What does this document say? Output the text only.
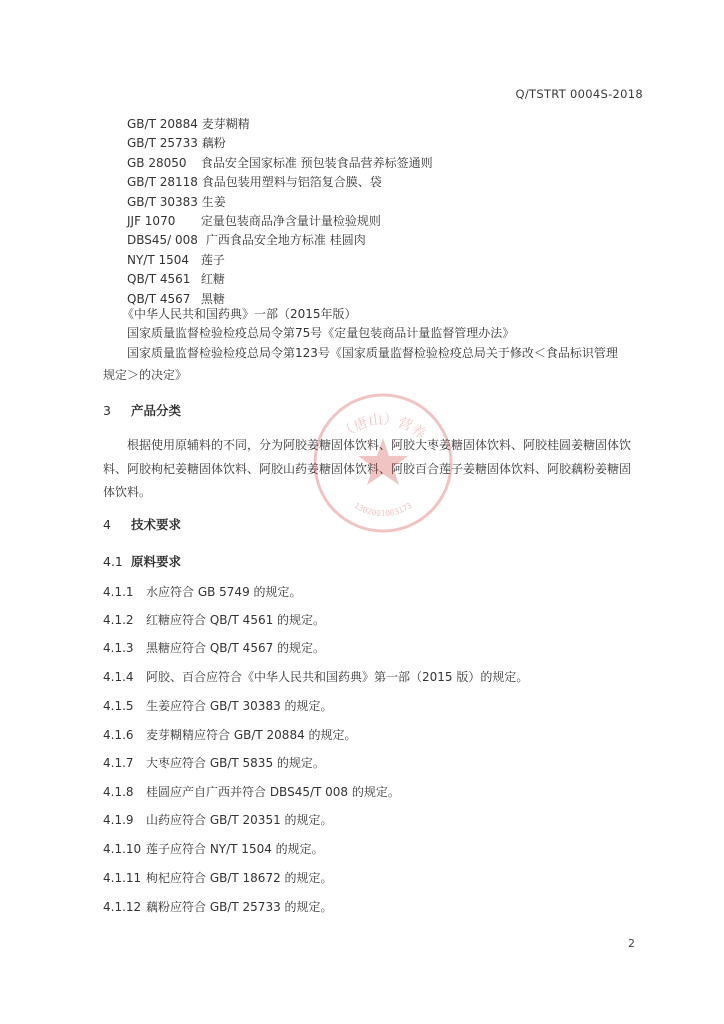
Q/TSTRT 0004S-2018
GB/T 20884 麦芽糊精
GB/T 25733 藕粉
GB 28050 食品安全国家标准 预包装食品营养标签通则
GB/T 28118 食品包装用塑料与铝箔复合膜、袋
GB/T 30383 生姜
JJF 1070 定量包装商品净含量计量检验规则
DBS45/ 008 广西食品安全地方标准 桂圆肉
NY/T 1504 莲子
QB/T 4561 红糖
QB/T 4567 黑糖
《中华人民共和国药典》一部（2015年版）
国家质量监督检验检疫总局令第75号《定量包装商品计量监督管理办法》
国家质量监督检验检疫总局令第123号《国家质量监督检验检疫总局关于修改＜食品标识管理
规定＞的决定》
3 产品分类
根据使用原辅料的不同，分为阿胶姜糖固体饮料、阿胶大枣姜糖固体饮料、阿胶桂圆姜糖固体饮料、阿胶枸杞姜糖固体饮料、阿胶山药姜糖固体饮料、阿胶百合莲子姜糖固体饮料、阿胶藕粉姜糖固体饮料。
4 技术要求
4.1 原料要求
4.1.1 水应符合 GB 5749 的规定。
4.1.2 红糖应符合 QB/T 4561 的规定。
4.1.3 黑糖应符合 QB/T 4567 的规定。
4.1.4 阿胶、百合应符合《中华人民共和国药典》第一部（2015 版）的规定。
4.1.5 生姜应符合 GB/T 30383 的规定。
4.1.6 麦芽糊精应符合 GB/T 20884 的规定。
4.1.7 大枣应符合 GB/T 5835 的规定。
4.1.8 桂圆应产自广西并符合 DBS45/T 008 的规定。
4.1.9 山药应符合 GB/T 20351 的规定。
4.1.10 莲子应符合 NY/T 1504 的规定。
4.1.11 枸杞应符合 GB/T 18672 的规定。
4.1.12 藕粉应符合 GB/T 25733 的规定。
2
（唐山）营养
1302001003173
